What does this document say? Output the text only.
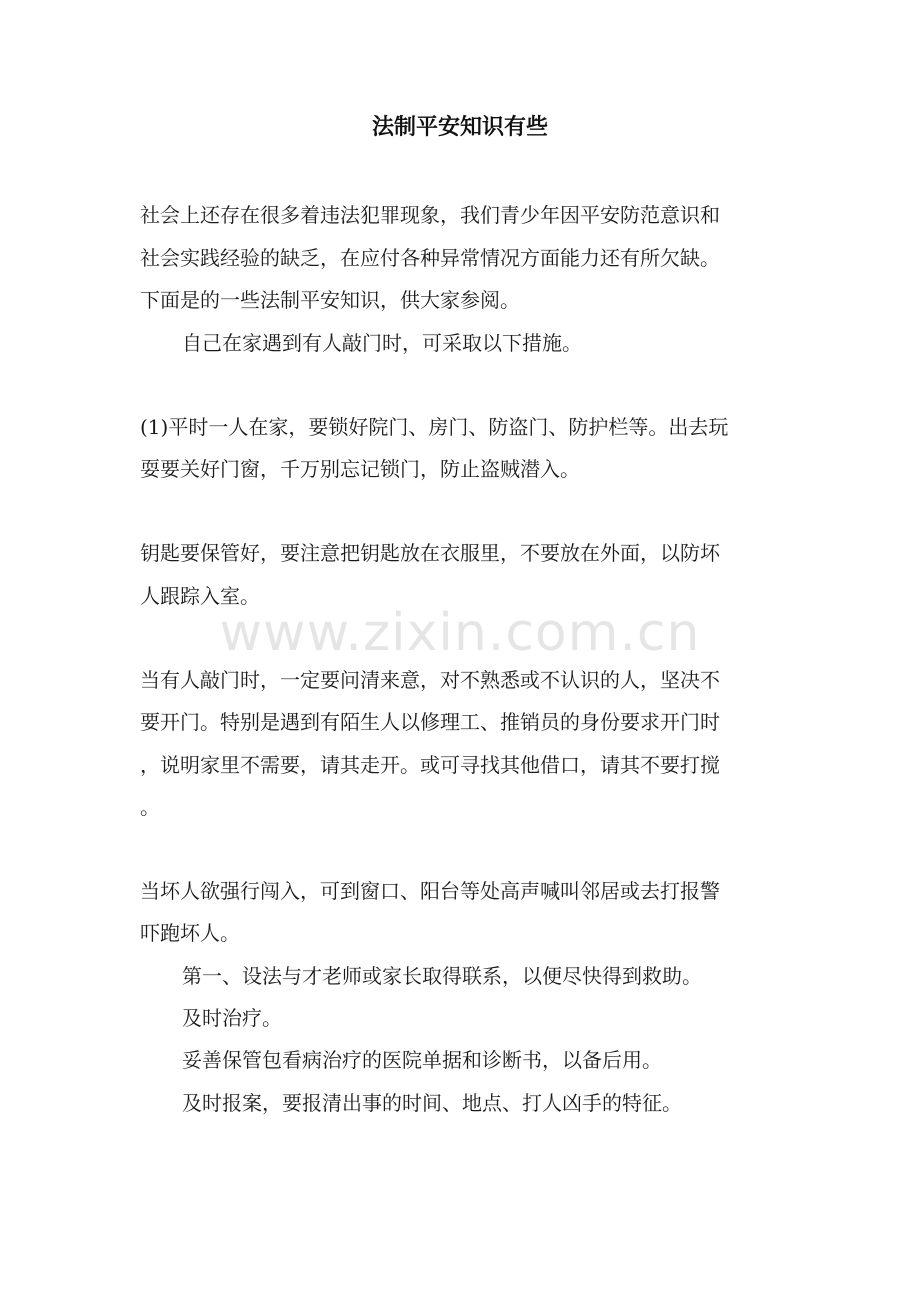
法制平安知识有些
社会上还存在很多着违法犯罪现象，我们青少年因平安防范意识和
社会实践经验的缺乏，在应付各种异常情况方面能力还有所欠缺。
下面是的一些法制平安知识，供大家参阅。
自己在家遇到有人敲门时，可采取以下措施。
(1)平时一人在家，要锁好院门、房门、防盗门、防护栏等。出去玩
耍要关好门窗，千万别忘记锁门，防止盗贼潜入。
钥匙要保管好，要注意把钥匙放在衣服里，不要放在外面，以防坏
人跟踪入室。
当有人敲门时，一定要问清来意，对不熟悉或不认识的人，坚决不
要开门。特别是遇到有陌生人以修理工、推销员的身份要求开门时
，说明家里不需要，请其走开。或可寻找其他借口，请其不要打搅
。
当坏人欲强行闯入，可到窗口、阳台等处高声喊叫邻居或去打报警
吓跑坏人。
第一、设法与才老师或家长取得联系，以便尽快得到救助。
及时治疗。
妥善保管包看病治疗的医院单据和诊断书，以备后用。
及时报案，要报清出事的时间、地点、打人凶手的特征。
www.zixin.com.cn
